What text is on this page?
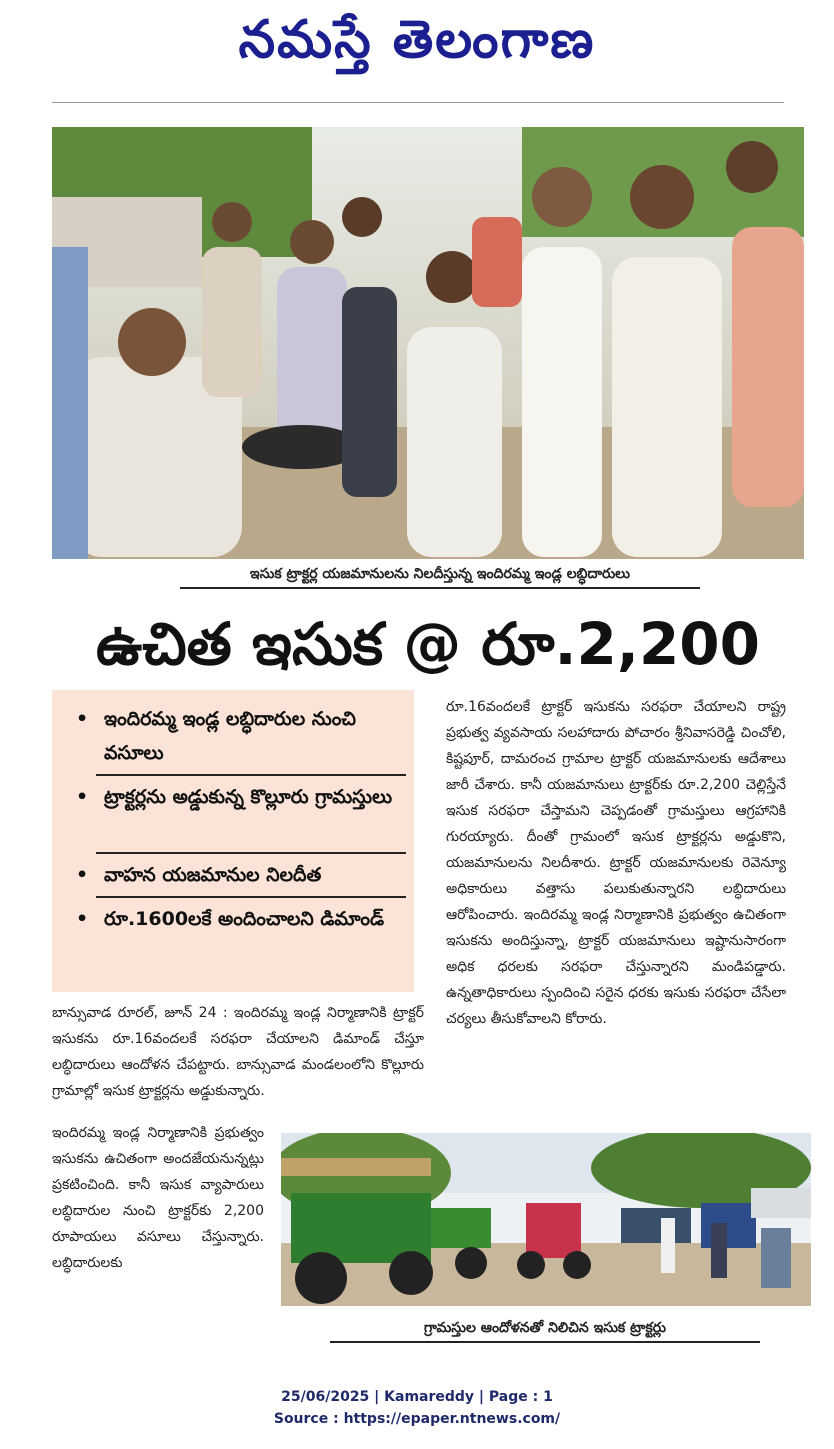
నమస్తే తెలంగాణ
ఇసుక ట్రాక్టర్ల యజమానులను నిలదీస్తున్న ఇందిరమ్మ ఇండ్ల లబ్ధిదారులు
ఉచిత ఇసుక @ రూ.2,200
• ఇందిరమ్మ ఇండ్ల లబ్ధిదారుల నుంచి వసూలు
• ట్రాక్టర్లను అడ్డుకున్న కొల్లూరు గ్రామస్తులు
• వాహన యజమానుల నిలదీత
• రూ.1600లకే అందించాలని డిమాండ్
రూ.16వందలకే ట్రాక్టర్ ఇసుకను సరఫరా చేయాలని రాష్ట్ర ప్రభుత్వ వ్యవసాయ సలహాదారు పోచారం శ్రీనివాసరెడ్డి చించోలి, కిష్టపూర్, దామరంచ గ్రామాల ట్రాక్టర్ యజమానులకు ఆదేశాలు జారీ చేశారు. కానీ యజమానులు ట్రాక్టర్‌కు రూ.2,200 చెల్లిస్తేనే ఇసుక సరఫరా చేస్తామని చెప్పడంతో గ్రామస్తులు ఆగ్రహానికి గురయ్యారు. దీంతో గ్రామంలో ఇసుక ట్రాక్టర్లను అడ్డుకొని, యజమానులను నిలదీశారు. ట్రాక్టర్ యజమానులకు రెవెన్యూ అధికారులు వత్తాసు పలుకుతున్నారని లబ్ధిదారులు ఆరోపించారు. ఇందిరమ్మ ఇండ్ల నిర్మాణానికి ప్రభుత్వం ఉచితంగా ఇసుకను అందిస్తున్నా, ట్రాక్టర్ యజమానులు ఇష్టానుసారంగా అధిక ధరలకు సరఫరా చేస్తున్నారని మండిపడ్డారు. ఉన్నతాధికారులు స్పందించి సరైన ధరకు ఇసుకు సరఫరా చేసేలా చర్యలు తీసుకోవాలని కోరారు.
బాన్సువాడ రూరల్, జూన్ 24 : ఇందిరమ్మ ఇండ్ల నిర్మాణానికి ట్రాక్టర్ ఇసుకను రూ.16వందలకే సరఫరా చేయాలని డిమాండ్ చేస్తూ లబ్ధిదారులు ఆందోళన చేపట్టారు. బాన్సువాడ మండలంలోని కొల్లూరు గ్రామాల్లో ఇసుక ట్రాక్టర్లను అడ్డుకున్నారు.
ఇందిరమ్మ ఇండ్ల నిర్మాణానికి ప్రభుత్వం ఇసుకను ఉచితంగా అందజేయనున్నట్లు ప్రకటించింది. కానీ ఇసుక వ్యాపారులు లబ్ధిదారుల నుంచి ట్రాక్టర్‌కు 2,200 రూపాయలు వసూలు చేస్తున్నారు. లబ్ధిదారులకు
గ్రామస్తుల ఆందోళనతో నిలిచిన ఇసుక ట్రాక్టర్లు
25/06/2025 | Kamareddy | Page : 1
Source : https://epaper.ntnews.com/
